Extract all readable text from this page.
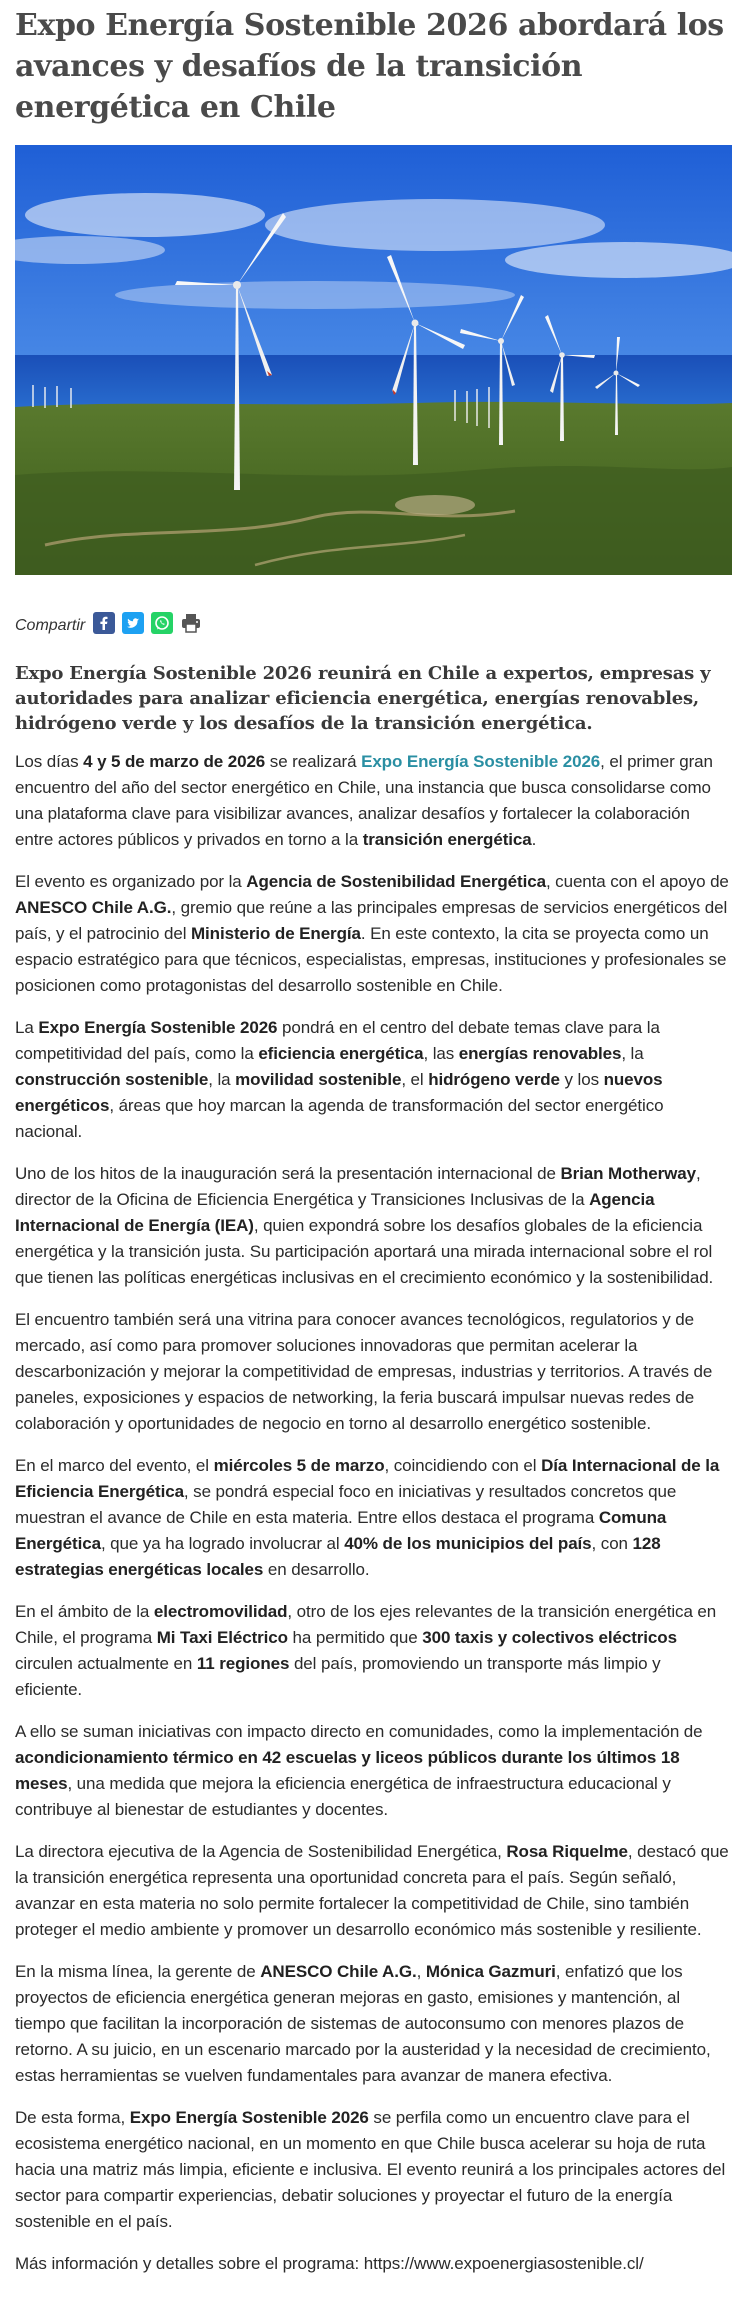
Expo Energía Sostenible 2026 abordará los avances y desafíos de la transición energética en Chile
Compartir

Expo Energía Sostenible 2026 reunirá en Chile a expertos, empresas y autoridades para analizar eficiencia energética, energías renovables, hidrógeno verde y los desafíos de la transición energética.

Los días 4 y 5 de marzo de 2026 se realizará Expo Energía Sostenible 2026, el primer gran encuentro del año del sector energético en Chile, una instancia que busca consolidarse como una plataforma clave para visibilizar avances, analizar desafíos y fortalecer la colaboración entre actores públicos y privados en torno a la transición energética.

El evento es organizado por la Agencia de Sostenibilidad Energética, cuenta con el apoyo de ANESCO Chile A.G., gremio que reúne a las principales empresas de servicios energéticos del país, y el patrocinio del Ministerio de Energía. En este contexto, la cita se proyecta como un espacio estratégico para que técnicos, especialistas, empresas, instituciones y profesionales se posicionen como protagonistas del desarrollo sostenible en Chile.

La Expo Energía Sostenible 2026 pondrá en el centro del debate temas clave para la competitividad del país, como la eficiencia energética, las energías renovables, la construcción sostenible, la movilidad sostenible, el hidrógeno verde y los nuevos energéticos, áreas que hoy marcan la agenda de transformación del sector energético nacional.

Uno de los hitos de la inauguración será la presentación internacional de Brian Motherway, director de la Oficina de Eficiencia Energética y Transiciones Inclusivas de la Agencia Internacional de Energía (IEA), quien expondrá sobre los desafíos globales de la eficiencia energética y la transición justa. Su participación aportará una mirada internacional sobre el rol que tienen las políticas energéticas inclusivas en el crecimiento económico y la sostenibilidad.

El encuentro también será una vitrina para conocer avances tecnológicos, regulatorios y de mercado, así como para promover soluciones innovadoras que permitan acelerar la descarbonización y mejorar la competitividad de empresas, industrias y territorios. A través de paneles, exposiciones y espacios de networking, la feria buscará impulsar nuevas redes de colaboración y oportunidades de negocio en torno al desarrollo energético sostenible.

En el marco del evento, el miércoles 5 de marzo, coincidiendo con el Día Internacional de la Eficiencia Energética, se pondrá especial foco en iniciativas y resultados concretos que muestran el avance de Chile en esta materia. Entre ellos destaca el programa Comuna Energética, que ya ha logrado involucrar al 40% de los municipios del país, con 128 estrategias energéticas locales en desarrollo.

En el ámbito de la electromovilidad, otro de los ejes relevantes de la transición energética en Chile, el programa Mi Taxi Eléctrico ha permitido que 300 taxis y colectivos eléctricos circulen actualmente en 11 regiones del país, promoviendo un transporte más limpio y eficiente.

A ello se suman iniciativas con impacto directo en comunidades, como la implementación de acondicionamiento térmico en 42 escuelas y liceos públicos durante los últimos 18 meses, una medida que mejora la eficiencia energética de infraestructura educacional y contribuye al bienestar de estudiantes y docentes.

La directora ejecutiva de la Agencia de Sostenibilidad Energética, Rosa Riquelme, destacó que la transición energética representa una oportunidad concreta para el país. Según señaló, avanzar en esta materia no solo permite fortalecer la competitividad de Chile, sino también proteger el medio ambiente y promover un desarrollo económico más sostenible y resiliente.

En la misma línea, la gerente de ANESCO Chile A.G., Mónica Gazmuri, enfatizó que los proyectos de eficiencia energética generan mejoras en gasto, emisiones y mantención, al tiempo que facilitan la incorporación de sistemas de autoconsumo con menores plazos de retorno. A su juicio, en un escenario marcado por la austeridad y la necesidad de crecimiento, estas herramientas se vuelven fundamentales para avanzar de manera efectiva.

De esta forma, Expo Energía Sostenible 2026 se perfila como un encuentro clave para el ecosistema energético nacional, en un momento en que Chile busca acelerar su hoja de ruta hacia una matriz más limpia, eficiente e inclusiva. El evento reunirá a los principales actores del sector para compartir experiencias, debatir soluciones y proyectar el futuro de la energía sostenible en el país.

Más información y detalles sobre el programa: https://www.expoenergiasostenible.cl/
